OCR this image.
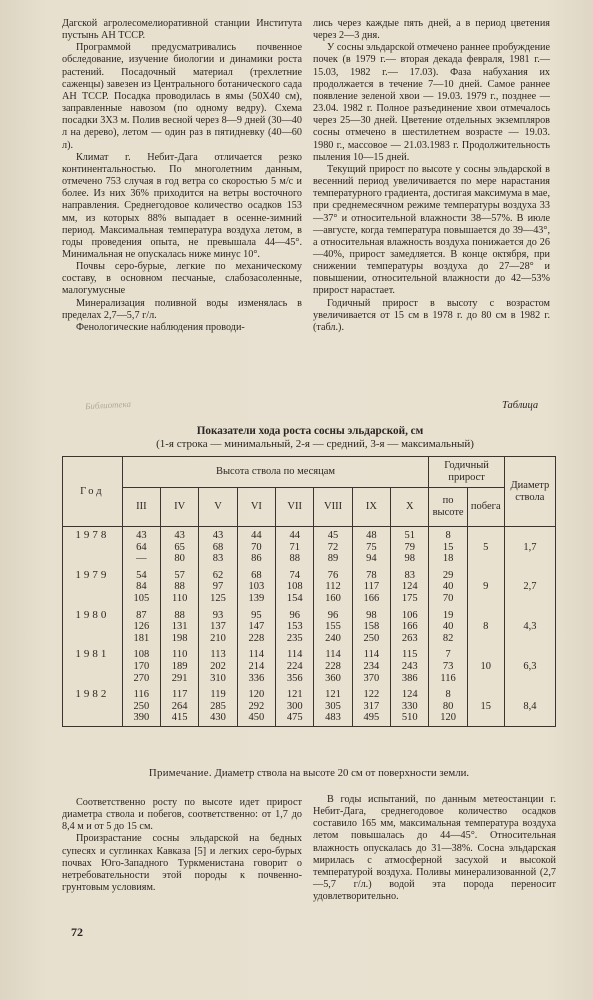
Дагской агролесомелиоративной станции Института пустынь АН ТССР.

Программой предусматривались почвенное обследование, изучение биологии и динамики роста растений. Посадочный материал (трехлетние саженцы) завезен из Центрального ботанического сада АН ТССР. Посадка проводилась в ямы (50Х40 см), заправленные навозом (по одному ведру). Схема посадки 3Х3 м. Полив весной через 8—9 дней (30—40 л на дерево), летом — один раз в пятидневку (40—60 л).

Климат г. Небит-Дага отличается резко континентальностью. По многолетним данным, отмечено 753 случая в год ветра со скоростью 5 м/с и более. Из них 36% приходится на ветры восточного направления. Среднегодовое количество осадков 153 мм, из которых 88% выпадает в осенне-зимний период. Максимальная температура воздуха летом, в годы проведения опыта, не превышала 44—45°. Минимальная не опускалась ниже минус 10°.

Почвы серо-бурые, легкие по механическому составу, в основном песчаные, слабозасоленные, малогумусные

Минерализация поливной воды изменялась в пределах 2,7—5,7 г/л.

Фенологические наблюдения проводи-

лись через каждые пять дней, а в период цветения через 2—3 дня.

У сосны эльдарской отмечено раннее пробуждение почек (в 1979 г.— вторая декада февраля, 1981 г.— 15.03, 1982 г.— 17.03). Фаза набухания их продолжается в течение 7—10 дней. Самое раннее появление зеленой хвои — 19.03. 1979 г., позднее — 23.04. 1982 г. Полное разъединение хвои отмечалось через 25—30 дней. Цветение отдельных экземпляров сосны отмечено в шестилетнем возрасте — 19.03. 1980 г., массовое — 21.03.1983 г. Продолжительность пыления 10—15 дней.

Текущий прирост по высоте у сосны эльдарской в весенний период увеличивается по мере нарастания температурного градиента, достигая максимума в мае, при среднемесячном режиме температуры воздуха 33—37° и относительной влажности 38—57%. В июле—августе, когда температура повышается до 39—43°, а относительная влажность воздуха понижается до 26—40%, прирост замедляется. В конце октября, при снижении температуры воздуха до 27—28° и повышении, относительной влажности до 42—53% прирост нарастает.

Годичный прирост в высоту с возрастом увеличивается от 15 см в 1978 г. до 80 см в 1982 г. (табл.).

Библиотека	Таблица
Показатели хода роста сосны эльдарской, см
(1-я строка — минимальный, 2-я — средний, 3-я — максимальный)
Год	Высота ствола по месяцам								Годичный прирост		Диаметр ствола
	III	IV	V	VI	VII	VIII	IX	X	по высоте	побега	
1978	43
64
—	43
65
80	43
68
83	44
70
86	44
71
88	45
72
89	48
75
94	51
79
98	8
15
18	5	1,7
1979	54
84
105	57
88
110	62
97
125	68
103
139	74
108
154	76
112
160	78
117
166	83
124
175	29
40
70	9	2,7
1980	87
126
181	88
131
198	93
137
210	95
147
228	96
153
235	96
155
240	98
158
250	106
166
263	19
40
82	8	4,3
1981	108
170
270	110
189
291	113
202
310	114
214
336	114
224
356	114
228
360	114
234
370	115
243
386	7
73
116	10	6,3
1982	116
250
390	117
264
415	119
285
430	120
292
450	121
300
475	121
305
483	122
317
495	124
330
510	8
80
120	15	8,4
Примечание. Диаметр ствола на высоте 20 см от поверхности земли.

Соответственно росту по высоте идет прирост диаметра ствола и побегов, соответственно: от 1,7 до 8,4 м и от 5 до 15 см.

Произрастание сосны эльдарской на бедных супесях и суглинках Кавказа [5] и легких серо-бурых почвах Юго-Западного Туркменистана говорит о нетребовательности этой породы к почвенно-грунтовым условиям.

В годы испытаний, по данным метеостанции г. Небит-Дага, среднегодовое количество осадков составило 165 мм, максимальная температура воздуха летом повышалась до 44—45°. Относительная влажность опускалась до 31—38%. Сосна эльдарская мирилась с атмосферной засухой и высокой температурой воздуха. Поливы минерализованной (2,7—5,7 г/л.) водой эта порода переносит удовлетворительно.

72
